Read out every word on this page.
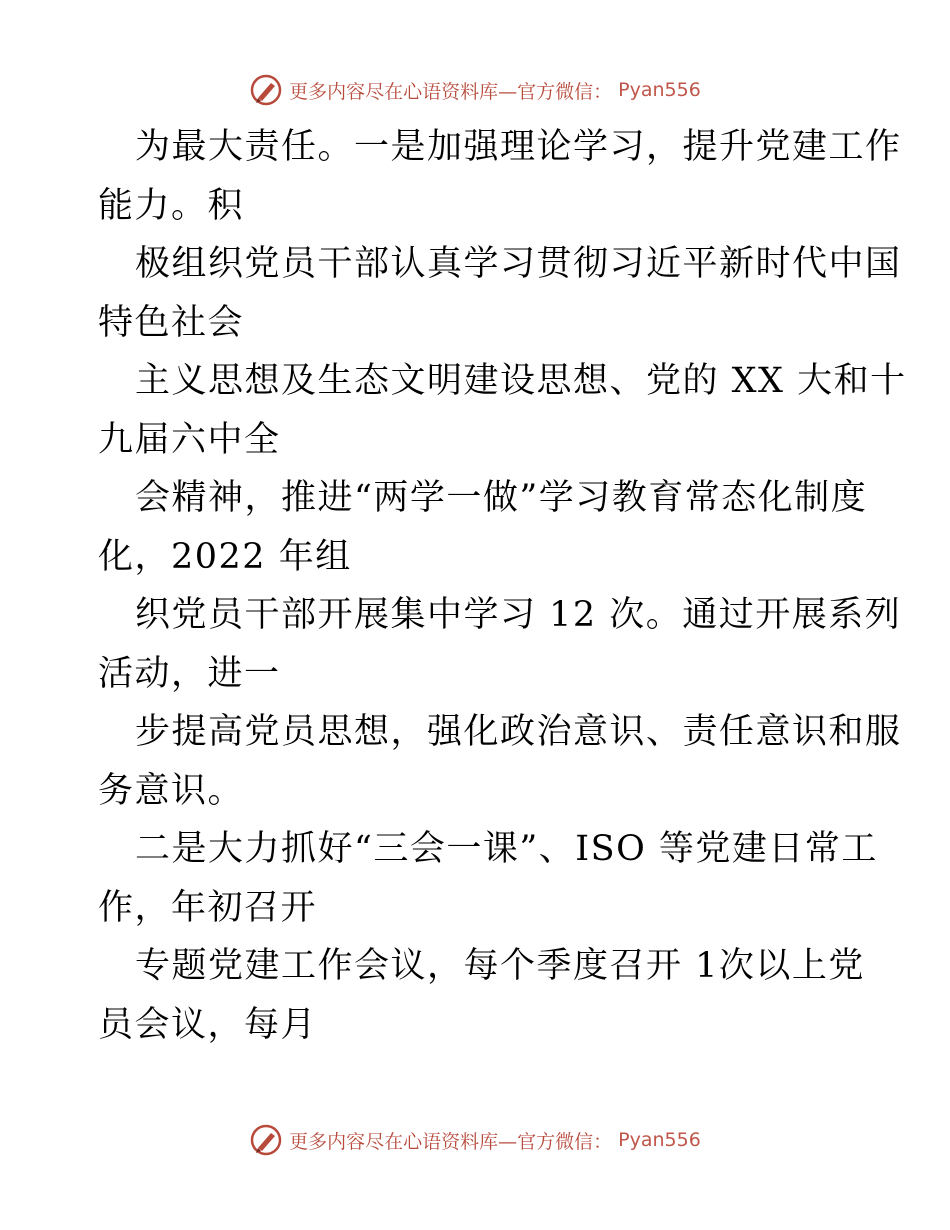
更多内容尽在心语资料库—官方微信： Pyan556
为最大责任。一是加强理论学习，提升党建工作
能力。积
极组织党员干部认真学习贯彻习近平新时代中国
特色社会
主义思想及生态文明建设思想、党的 XX 大和十
九届六中全
会精神，推进“两学一做”学习教育常态化制度
化，2022 年组
织党员干部开展集中学习 12 次。通过开展系列
活动，进一
步提高党员思想，强化政治意识、责任意识和服
务意识。
二是大力抓好“三会一课”、ISO 等党建日常工
作，年初召开
专题党建工作会议，每个季度召开 1次以上党
员会议，每月
更多内容尽在心语资料库—官方微信： Pyan556
